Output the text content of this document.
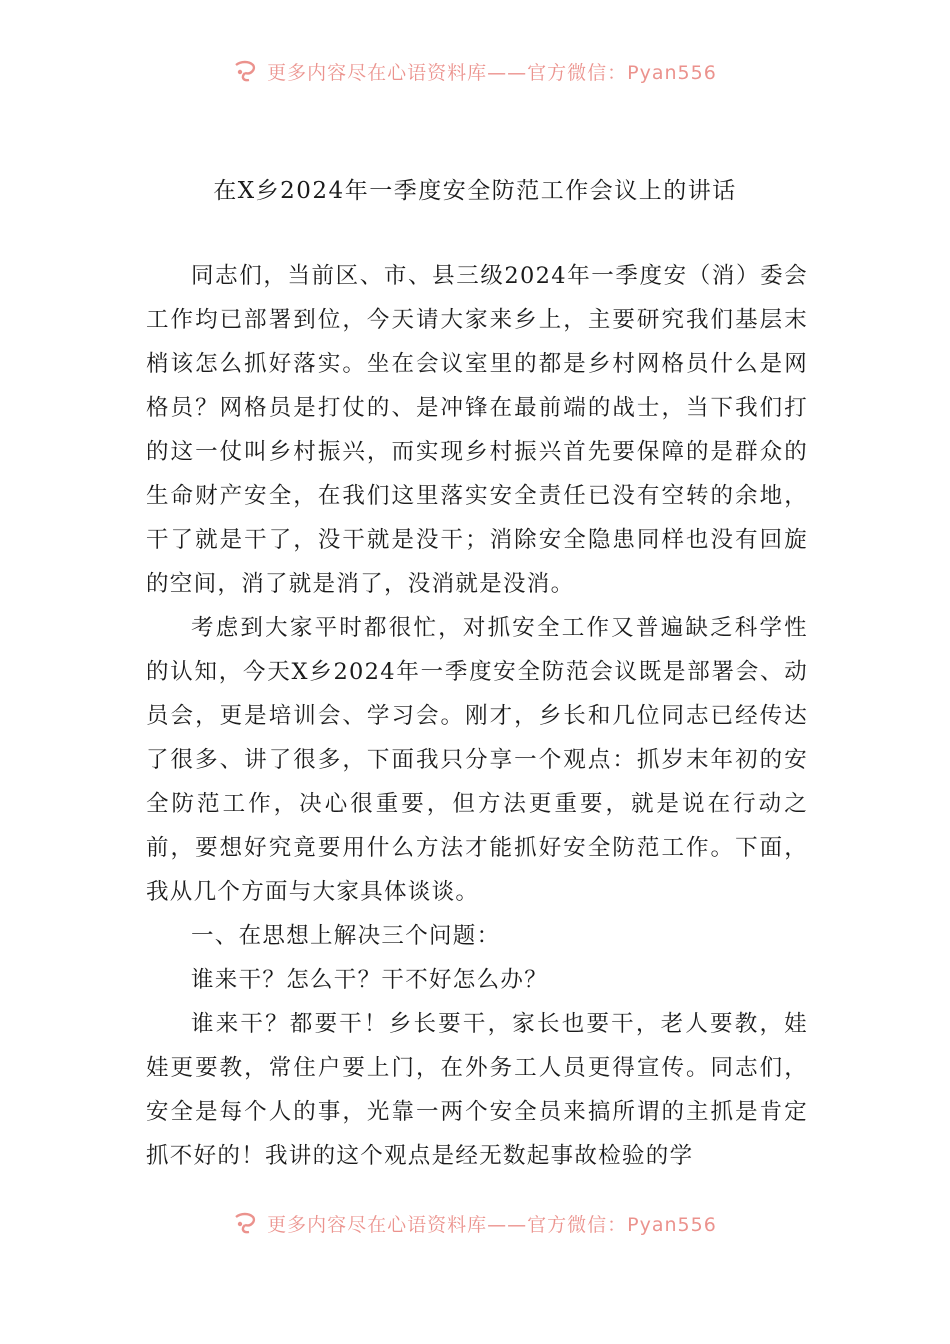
更多内容尽在心语资料库——官方微信：Pyan556
在X乡2024年一季度安全防范工作会议上的讲话

同志们，当前区、市、县三级2024年一季度安（消）委会工作均已部署到位，今天请大家来乡上，主要研究我们基层末梢该怎么抓好落实。坐在会议室里的都是乡村网格员什么是网格员？网格员是打仗的、是冲锋在最前端的战士，当下我们打的这一仗叫乡村振兴，而实现乡村振兴首先要保障的是群众的生命财产安全，在我们这里落实安全责任已没有空转的余地，干了就是干了，没干就是没干；消除安全隐患同样也没有回旋的空间，消了就是消了，没消就是没消。

考虑到大家平时都很忙，对抓安全工作又普遍缺乏科学性的认知，今天X乡2024年一季度安全防范会议既是部署会、动员会，更是培训会、学习会。刚才，乡长和几位同志已经传达了很多、讲了很多，下面我只分享一个观点：抓岁末年初的安全防范工作，决心很重要，但方法更重要，就是说在行动之前，要想好究竟要用什么方法才能抓好安全防范工作。下面，我从几个方面与大家具体谈谈。

一、在思想上解决三个问题：

谁来干？怎么干？干不好怎么办？

谁来干？都要干！乡长要干，家长也要干，老人要教，娃娃更要教，常住户要上门，在外务工人员更得宣传。同志们，安全是每个人的事，光靠一两个安全员来搞所谓的主抓是肯定抓不好的！我讲的这个观点是经无数起事故检验的学

更多内容尽在心语资料库——官方微信：Pyan556
